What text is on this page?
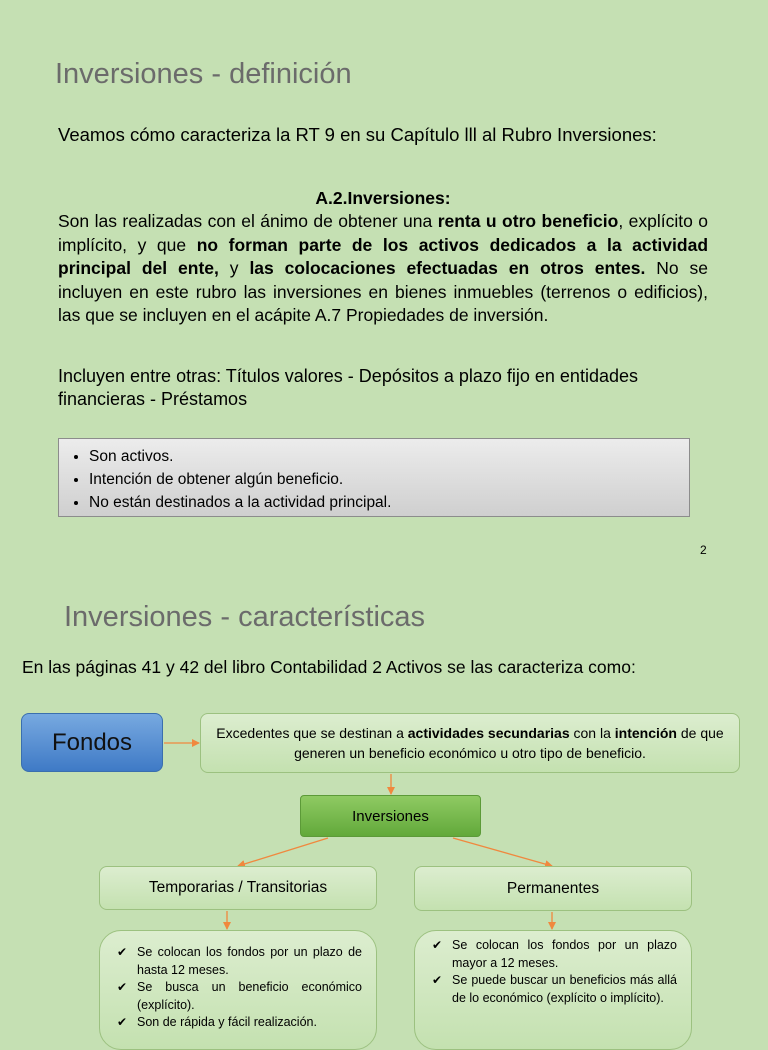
Inversiones - definición
Veamos cómo caracteriza la RT 9 en su Capítulo lll al Rubro Inversiones:
A.2.Inversiones:
Son las realizadas con el ánimo de obtener una renta u otro beneficio, explícito o implícito, y que no forman parte de los activos dedicados a la actividad principal del ente, y las colocaciones efectuadas en otros entes. No se incluyen en este rubro las inversiones en bienes inmuebles (terrenos o edificios), las que se incluyen en el acápite A.7 Propiedades de inversión.
Incluyen entre otras: Títulos valores - Depósitos a plazo fijo en entidades financieras - Préstamos
• Son activos.
• Intención de obtener algún beneficio.
• No están destinados a la actividad principal.
2
Inversiones - características
En las páginas 41 y 42 del libro Contabilidad 2 Activos se las caracteriza como:
Fondos	Excedentes que se destinan a actividades secundarias con la intención de que generen un beneficio económico u otro tipo de beneficio.
Inversiones
Temporarias / Transitorias	Permanentes
✔ Se colocan los fondos por un plazo de hasta 12 meses.
✔ Se busca un beneficio económico (explícito).
✔ Son de rápida y fácil realización.
✔ Se colocan los fondos por un plazo mayor a 12 meses.
✔ Se puede buscar un beneficios más allá de lo económico (explícito o implícito).
